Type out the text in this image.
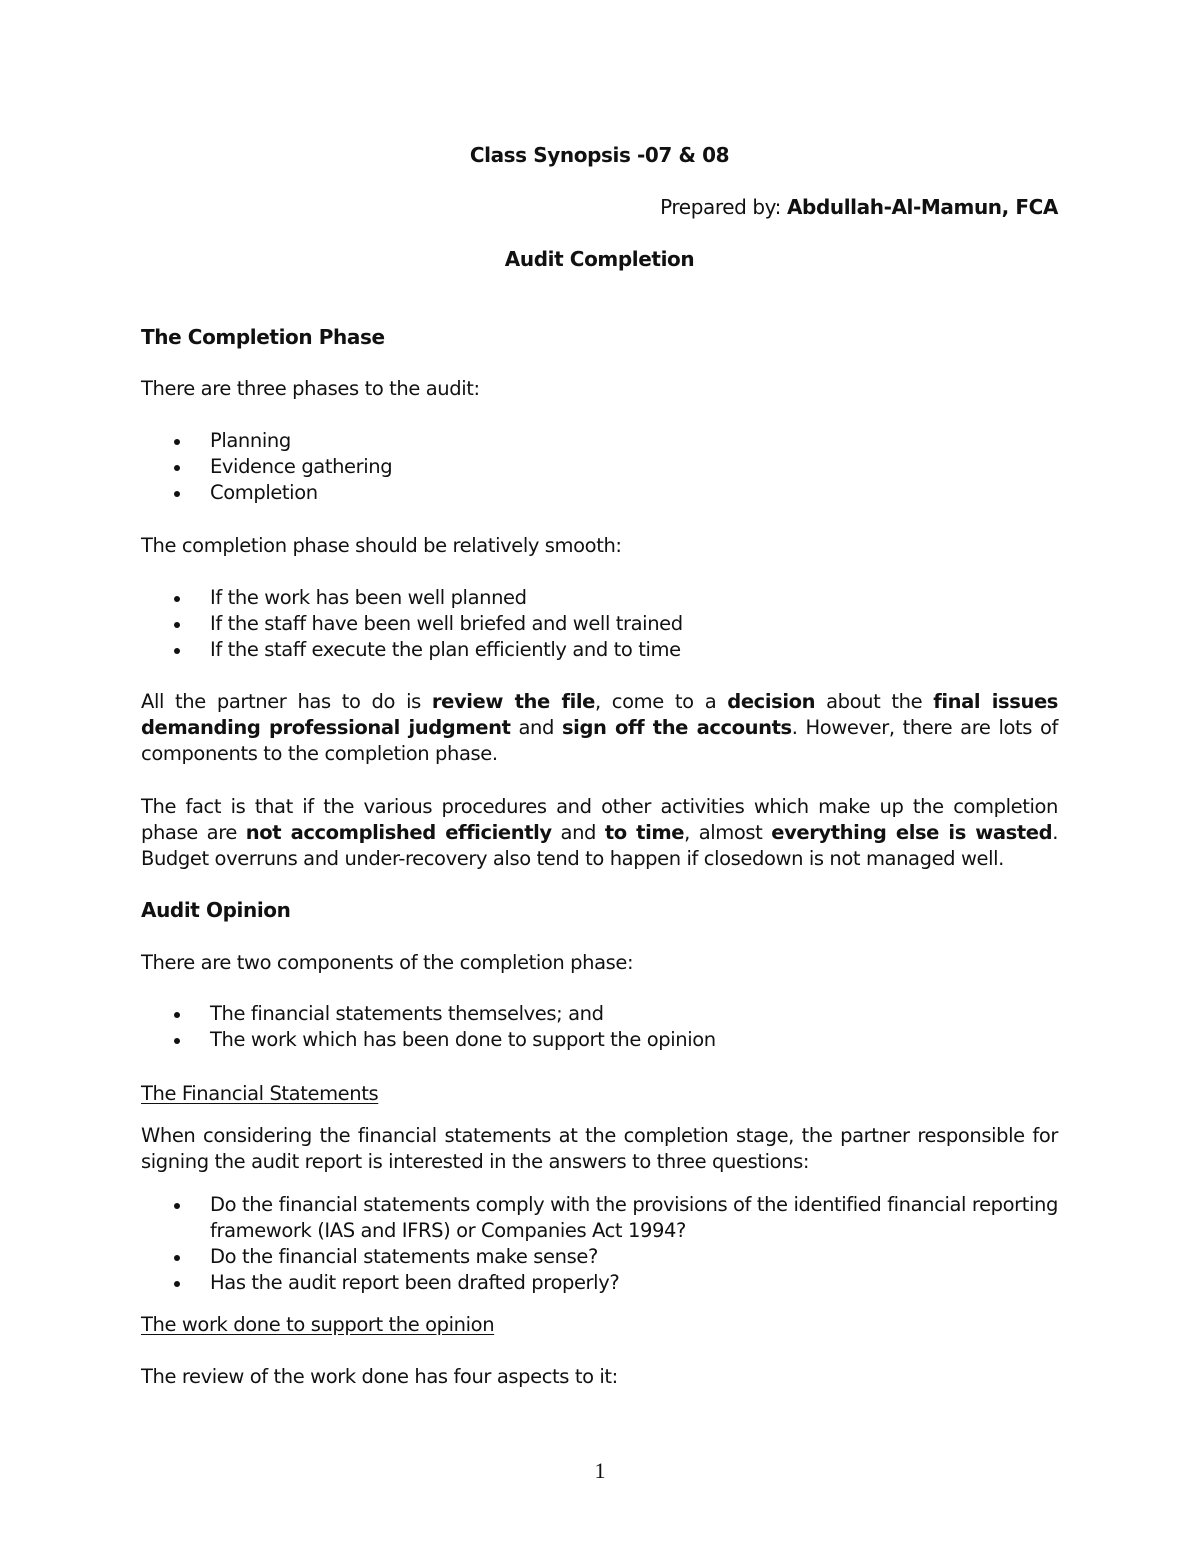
Class Synopsis -07 & 08

Prepared by: Abdullah-Al-Mamun, FCA

Audit Completion

The Completion Phase

There are three phases to the audit:

Planning
Evidence gathering
Completion

The completion phase should be relatively smooth:

If the work has been well planned
If the staff have been well briefed and well trained
If the staff execute the plan efficiently and to time

All the partner has to do is review the file, come to a decision about the final issues demanding professional judgment and sign off the accounts. However, there are lots of components to the completion phase.

The fact is that if the various procedures and other activities which make up the completion phase are not accomplished efficiently and to time, almost everything else is wasted. Budget overruns and under-recovery also tend to happen if closedown is not managed well.

Audit Opinion

There are two components of the completion phase:

The financial statements themselves; and
The work which has been done to support the opinion

The Financial Statements

When considering the financial statements at the completion stage, the partner responsible for signing the audit report is interested in the answers to three questions:

Do the financial statements comply with the provisions of the identified financial reporting framework (IAS and IFRS) or Companies Act 1994?
Do the financial statements make sense?
Has the audit report been drafted properly?

The work done to support the opinion

The review of the work done has four aspects to it:

1
